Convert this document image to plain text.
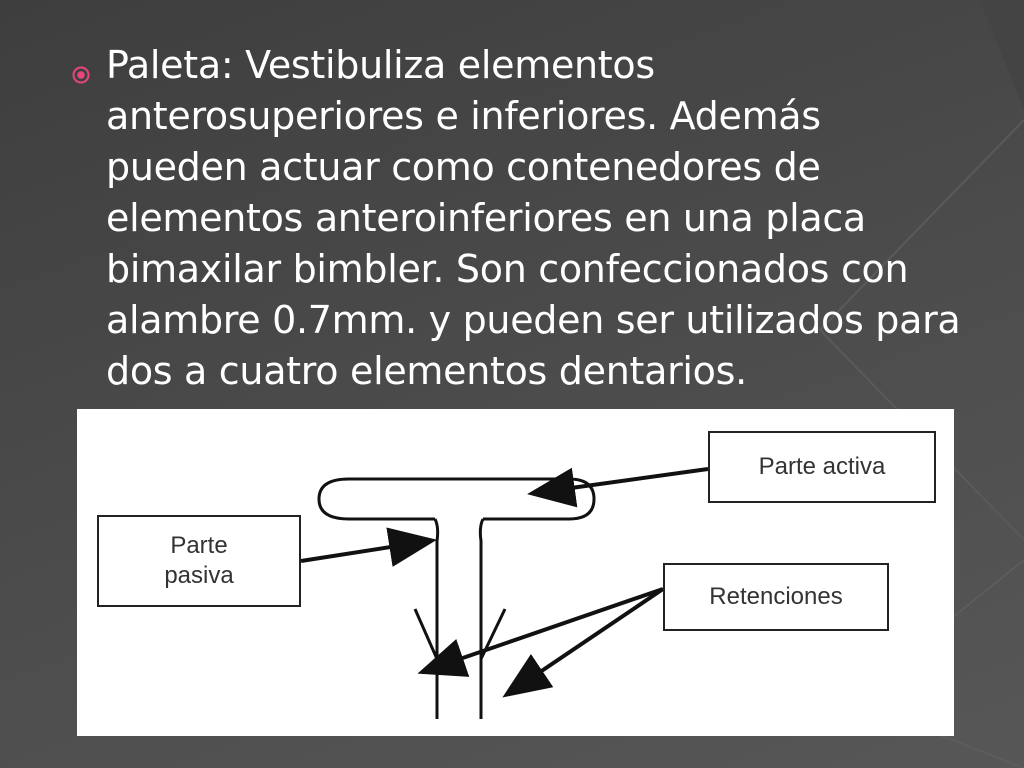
Paleta: Vestibuliza elementos anterosuperiores e inferiores. Además pueden actuar como contenedores de elementos anteroinferiores en una placa bimaxilar bimbler. Son confeccionados con alambre 0.7mm. y pueden ser utilizados para dos a cuatro elementos dentarios.

Parte activa
Parte
pasiva
Retenciones
